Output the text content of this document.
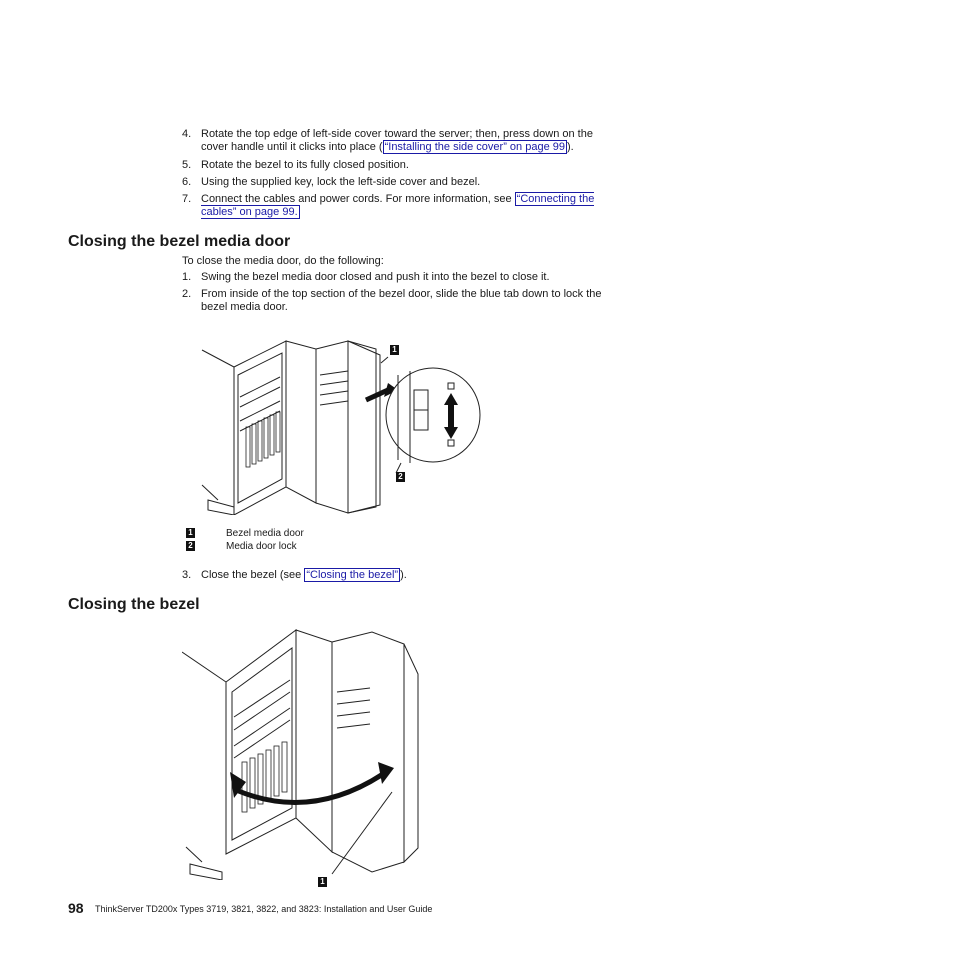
4. Rotate the top edge of left-side cover toward the server; then, press down on the cover handle until it clicks into place ( “Installing the side cover” on page 99 ).
5. Rotate the bezel to its fully closed position.
6. Using the supplied key, lock the left-side cover and bezel.
7. Connect the cables and power cords. For more information, see “Connecting the cables” on page 99.
Closing the bezel media door
To close the media door, do the following:
1. Swing the bezel media door closed and push it into the bezel to close it.
2. From inside of the top section of the bezel door, slide the blue tab down to lock the bezel media door.
1
2
1	Bezel media door
2	Media door lock
3. Close the bezel (see “Closing the bezel” ).
Closing the bezel
1
98 ThinkServer TD200x Types 3719, 3821, 3822, and 3823: Installation and User Guide
